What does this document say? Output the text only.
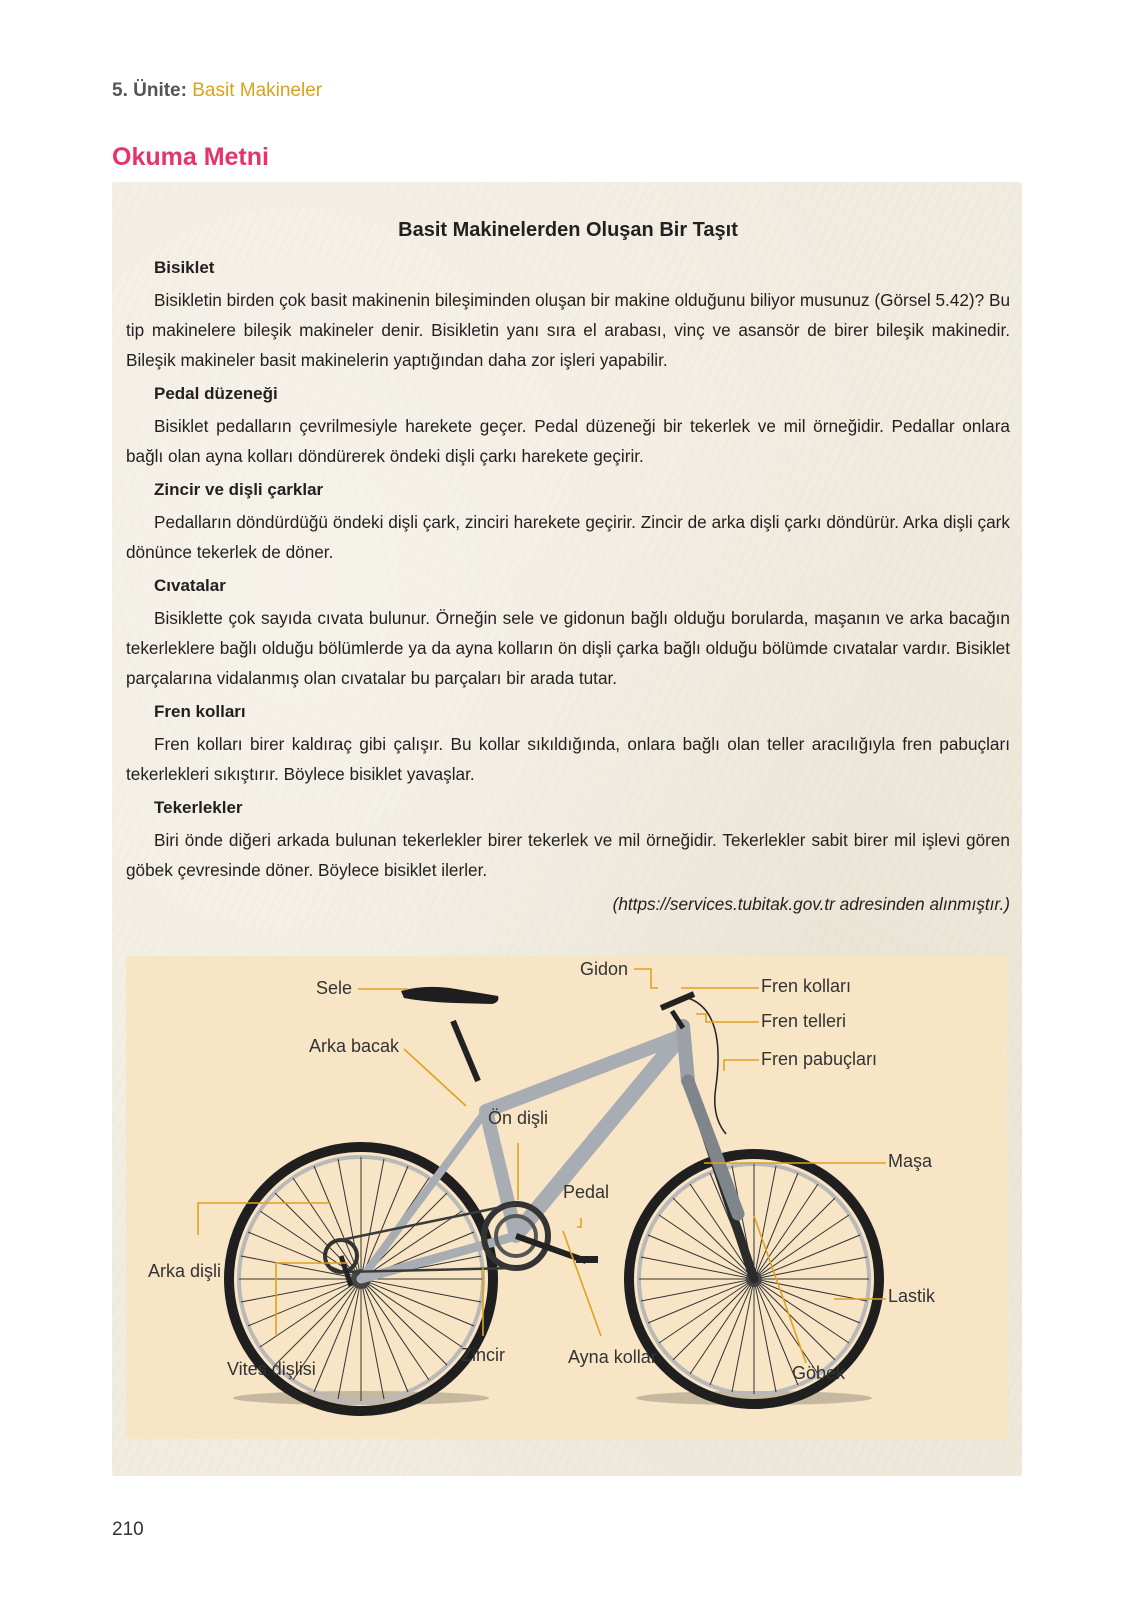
5. Ünite: Basit Makineler
Okuma Metni
Basit Makinelerden Oluşan Bir Taşıt
Bisiklet

Bisikletin birden çok basit makinenin bileşiminden oluşan bir makine olduğunu biliyor musunuz (Görsel 5.42)? Bu tip makinelere bileşik makineler denir. Bisikletin yanı sıra el arabası, vinç ve asansör de birer bileşik makinedir. Bileşik makineler basit makinelerin yaptığından daha zor işleri yapabilir.

Pedal düzeneği

Bisiklet pedalların çevrilmesiyle harekete geçer. Pedal düzeneği bir tekerlek ve mil örneğidir. Pedallar onlara bağlı olan ayna kolları döndürerek öndeki dişli çarkı harekete geçirir.

Zincir ve dişli çarklar

Pedalların döndürdüğü öndeki dişli çark, zinciri harekete geçirir. Zincir de arka dişli çarkı döndürür. Arka dişli çark dönünce tekerlek de döner.

Cıvatalar

Bisiklette çok sayıda cıvata bulunur. Örneğin sele ve gidonun bağlı olduğu borularda, maşanın ve arka bacağın tekerleklere bağlı olduğu bölümlerde ya da ayna kolların ön dişli çarka bağlı olduğu bölümde cıvatalar vardır. Bisiklet parçalarına vidalanmış olan cıvatalar bu parçaları bir arada tutar.

Fren kolları

Fren kolları birer kaldıraç gibi çalışır. Bu kollar sıkıldığında, onlara bağlı olan teller aracılığıyla fren pabuçları tekerlekleri sıkıştırır. Böylece bisiklet yavaşlar.

Tekerlekler

Biri önde diğeri arkada bulunan tekerlekler birer tekerlek ve mil örneğidir. Tekerlekler sabit birer mil işlevi gören göbek çevresinde döner. Böylece bisiklet ilerler.

(https://services.tubitak.gov.tr adresinden alınmıştır.)

Sele
Gidon
Fren kolları
Fren telleri
Fren pabuçları
Arka bacak
Ön dişli
Pedal
Maşa
Arka dişli
Lastik
Vites dişlisi
Zincir	Ayna kollar
Göbek
210
